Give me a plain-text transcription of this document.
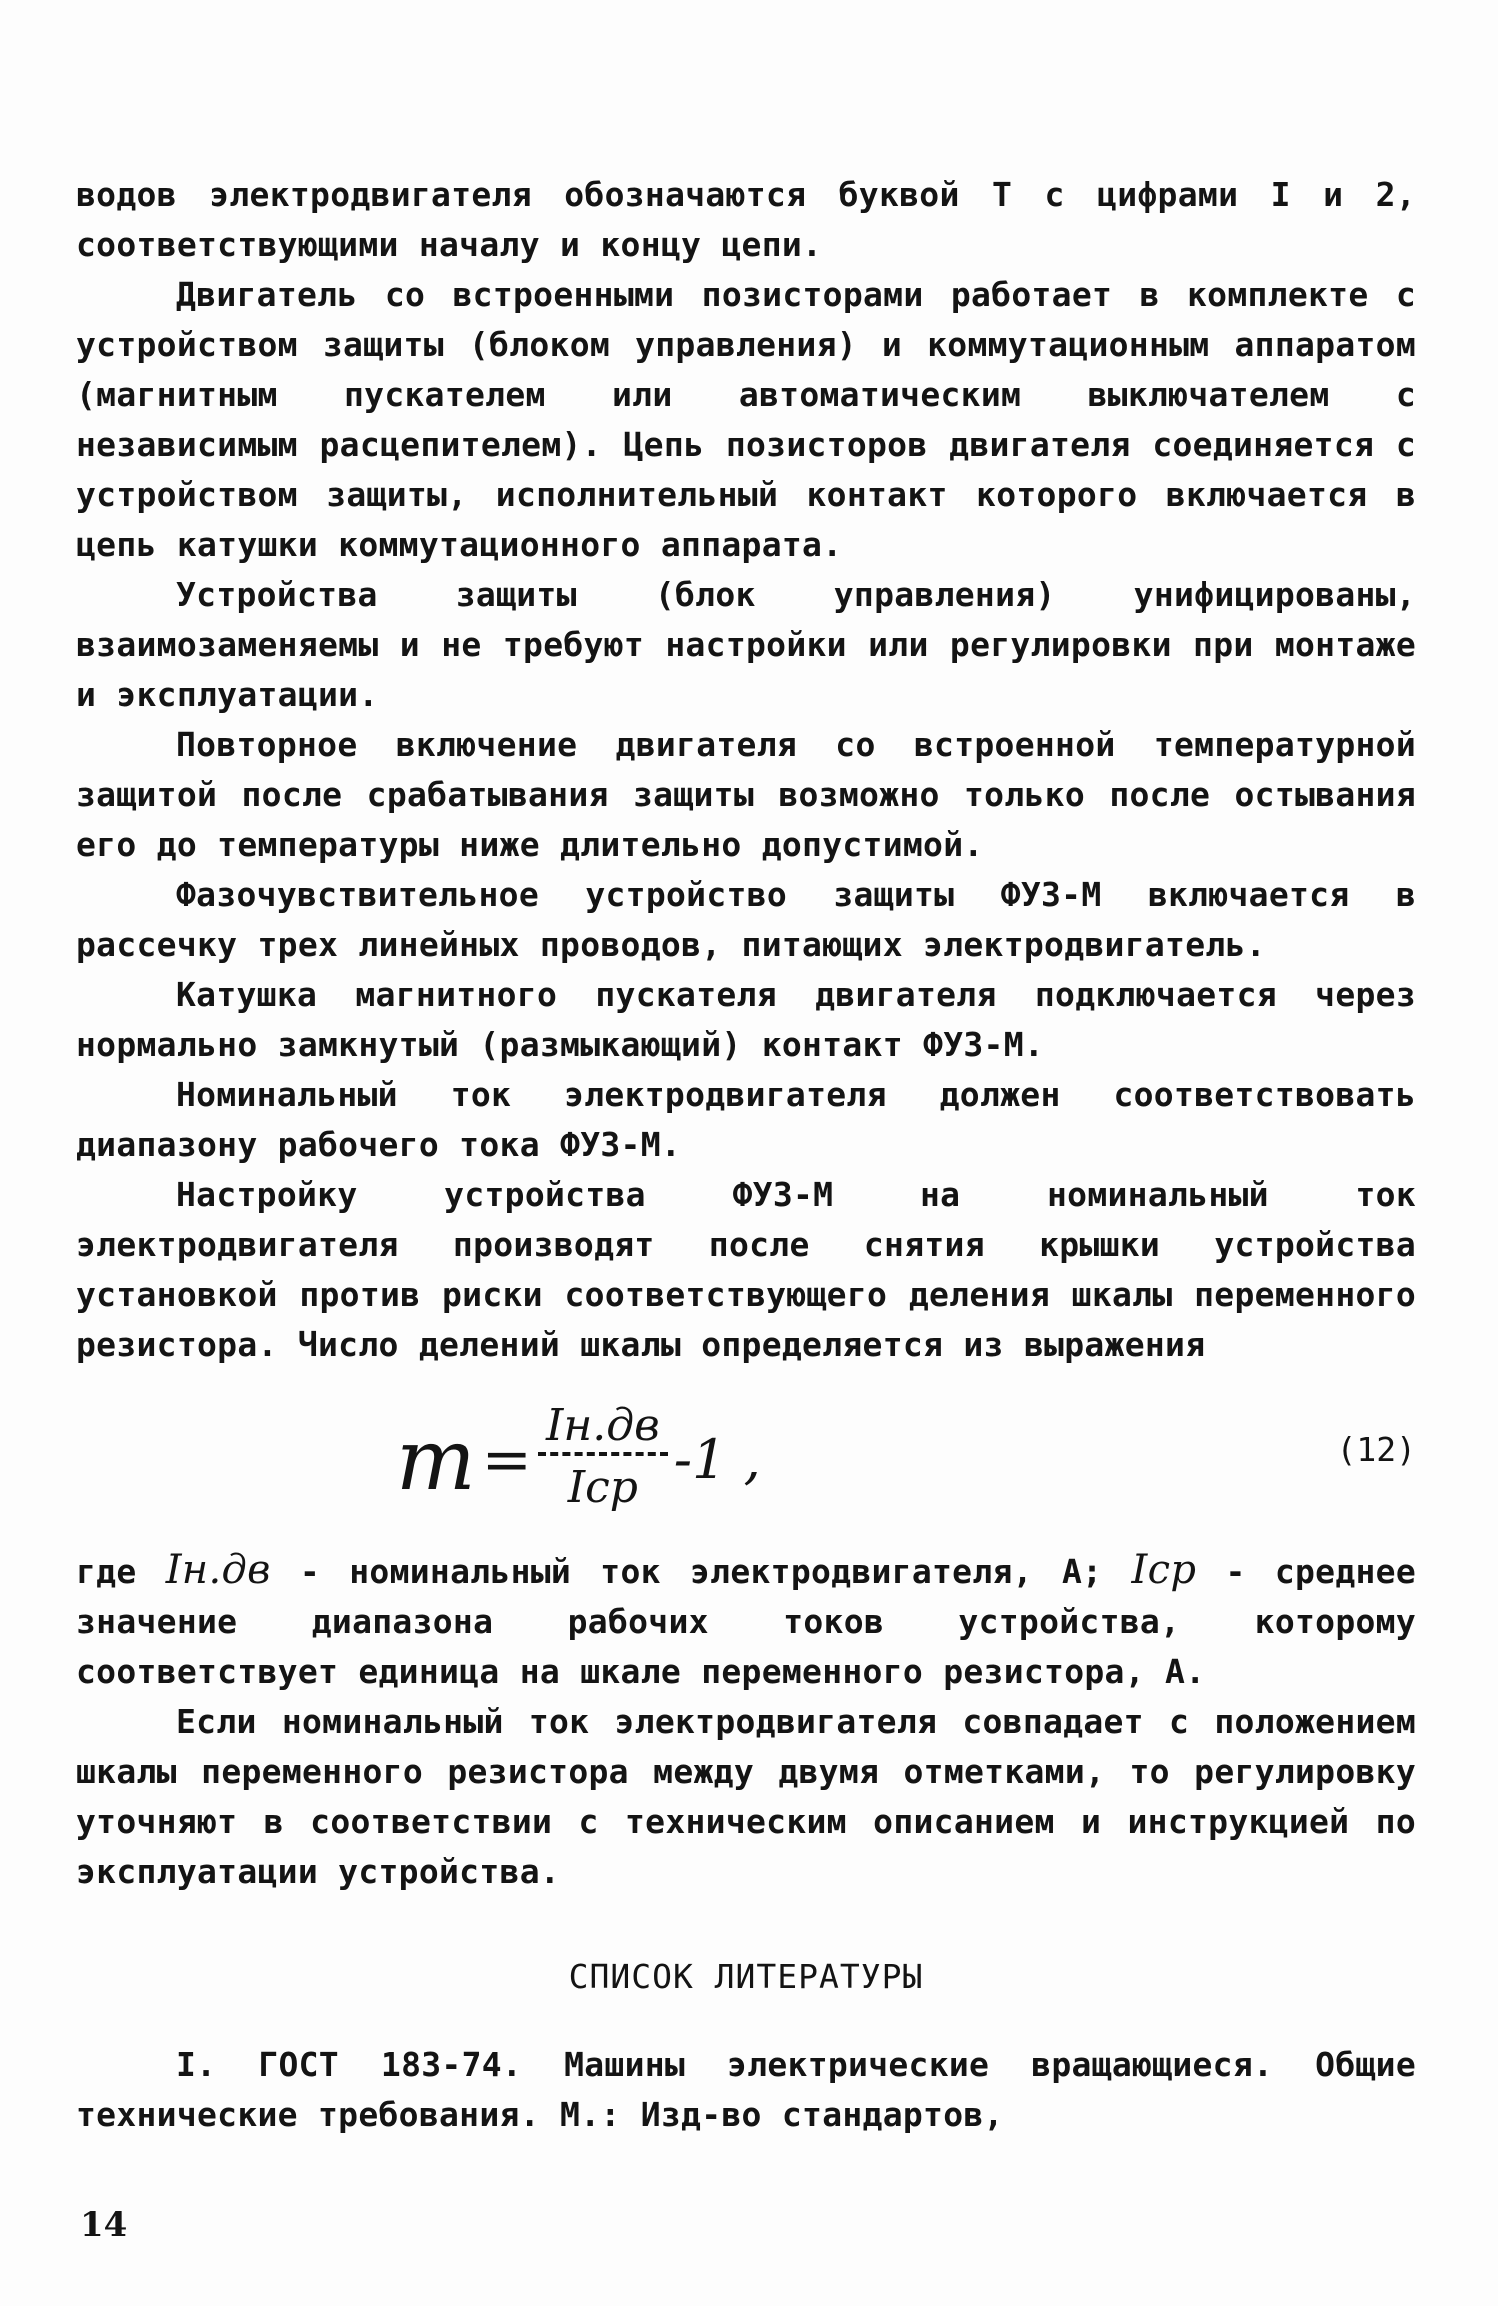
водов электродвигателя обозначаются буквой Т с цифрами I и 2, соответствующими началу и концу цепи.

Двигатель со встроенными позисторами работает в комплекте с устройством защиты (блоком управления) и коммутационным аппаратом (магнитным пускателем или автоматическим выключателем с независимым расцепителем). Цепь позисторов двигателя соединяется с устройством защиты, исполнительный контакт которого включается в цепь катушки коммутационного аппарата.

Устройства защиты (блок управления) унифицированы, взаимозаменяемы и не требуют настройки или регулировки при монтаже и эксплуатации.

Повторное включение двигателя со встроенной температурной защитой после срабатывания защиты возможно только после остывания его до температуры ниже длительно допустимой.

Фазочувствительное устройство защиты ФУЗ-М включается в рассечку трех линейных проводов, питающих электродвигатель.

Катушка магнитного пускателя двигателя подключается через нормально замкнутый (размыкающий) контакт ФУЗ-М.

Номинальный ток электродвигателя должен соответствовать диапазону рабочего тока ФУЗ-М.

Настройку устройства ФУЗ-М на номинальный ток электродвигателя производят после снятия крышки устройства установкой против риски соответствующего деления шкалы переменного резистора. Число делений шкалы определяется из выражения

$m = \frac{Iн.дв}{\text{Iср}} -1$ ,	(12)

где Iн.дв - номинальный ток электродвигателя, А; Iср - среднее значение диапазона рабочих токов устройства, которому соответствует единица на шкале переменного резистора, А.

Если номинальный ток электродвигателя совпадает с положением шкалы переменного резистора между двумя отметками, то регулировку уточняют в соответствии с техническим описанием и инструкцией по эксплуатации устройства.

СПИСОК ЛИТЕРАТУРЫ

I. ГОСТ 183-74. Машины электрические вращающиеся. Общие технические требования. М.: Изд-во стандартов,

14
